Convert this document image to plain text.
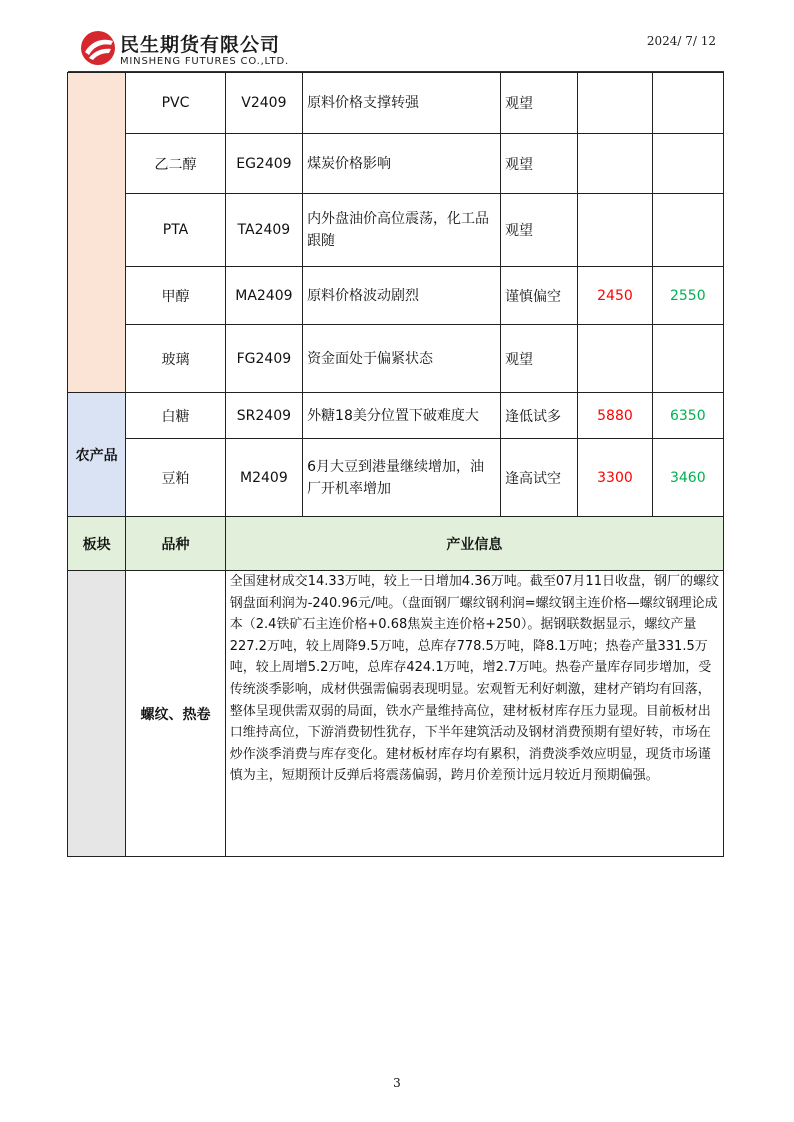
民生期货有限公司
MINSHENG FUTURES CO.,LTD.
2024/ 7/ 12
	PVC	V2409	原料价格支撑转强	观望		
	乙二醇	EG2409	煤炭价格影响	观望		
	PTA	TA2409	内外盘油价高位震荡，化工品跟随	观望		
	甲醇	MA2409	原料价格波动剧烈	谨慎偏空	2450	2550
	玻璃	FG2409	资金面处于偏紧状态	观望		
农产品	白糖	SR2409	外糖18美分位置下破难度大	逢低试多	5880	6350
	豆粕	M2409	6月大豆到港量继续增加，油厂开机率增加	逢高试空	3300	3460
板块	品种	产业信息				
	螺纹、热卷	全国建材成交14.33万吨，较上一日增加4.36万吨。截至07月11日收盘，钢厂的螺纹钢盘面利润为-240.96元/吨。（盘面钢厂螺纹钢利润=螺纹钢主连价格—螺纹钢理论成本（2.4铁矿石主连价格+0.68焦炭主连价格+250）。据钢联数据显示，螺纹产量227.2万吨，较上周降9.5万吨，总库存778.5万吨，降8.1万吨；热卷产量331.5万吨，较上周增5.2万吨，总库存424.1万吨，增2.7万吨。热卷产量库存同步增加，受传统淡季影响，成材供强需偏弱表现明显。宏观暂无利好刺激，建材产销均有回落，整体呈现供需双弱的局面，铁水产量维持高位，建材板材库存压力显现。目前板材出口维持高位，下游消费韧性犹存，下半年建筑活动及钢材消费预期有望好转，市场在炒作淡季消费与库存变化。建材板材库存均有累积，消费淡季效应明显，现货市场谨慎为主，短期预计反弹后将震荡偏弱，跨月价差预计远月较近月预期偏强。				
3
